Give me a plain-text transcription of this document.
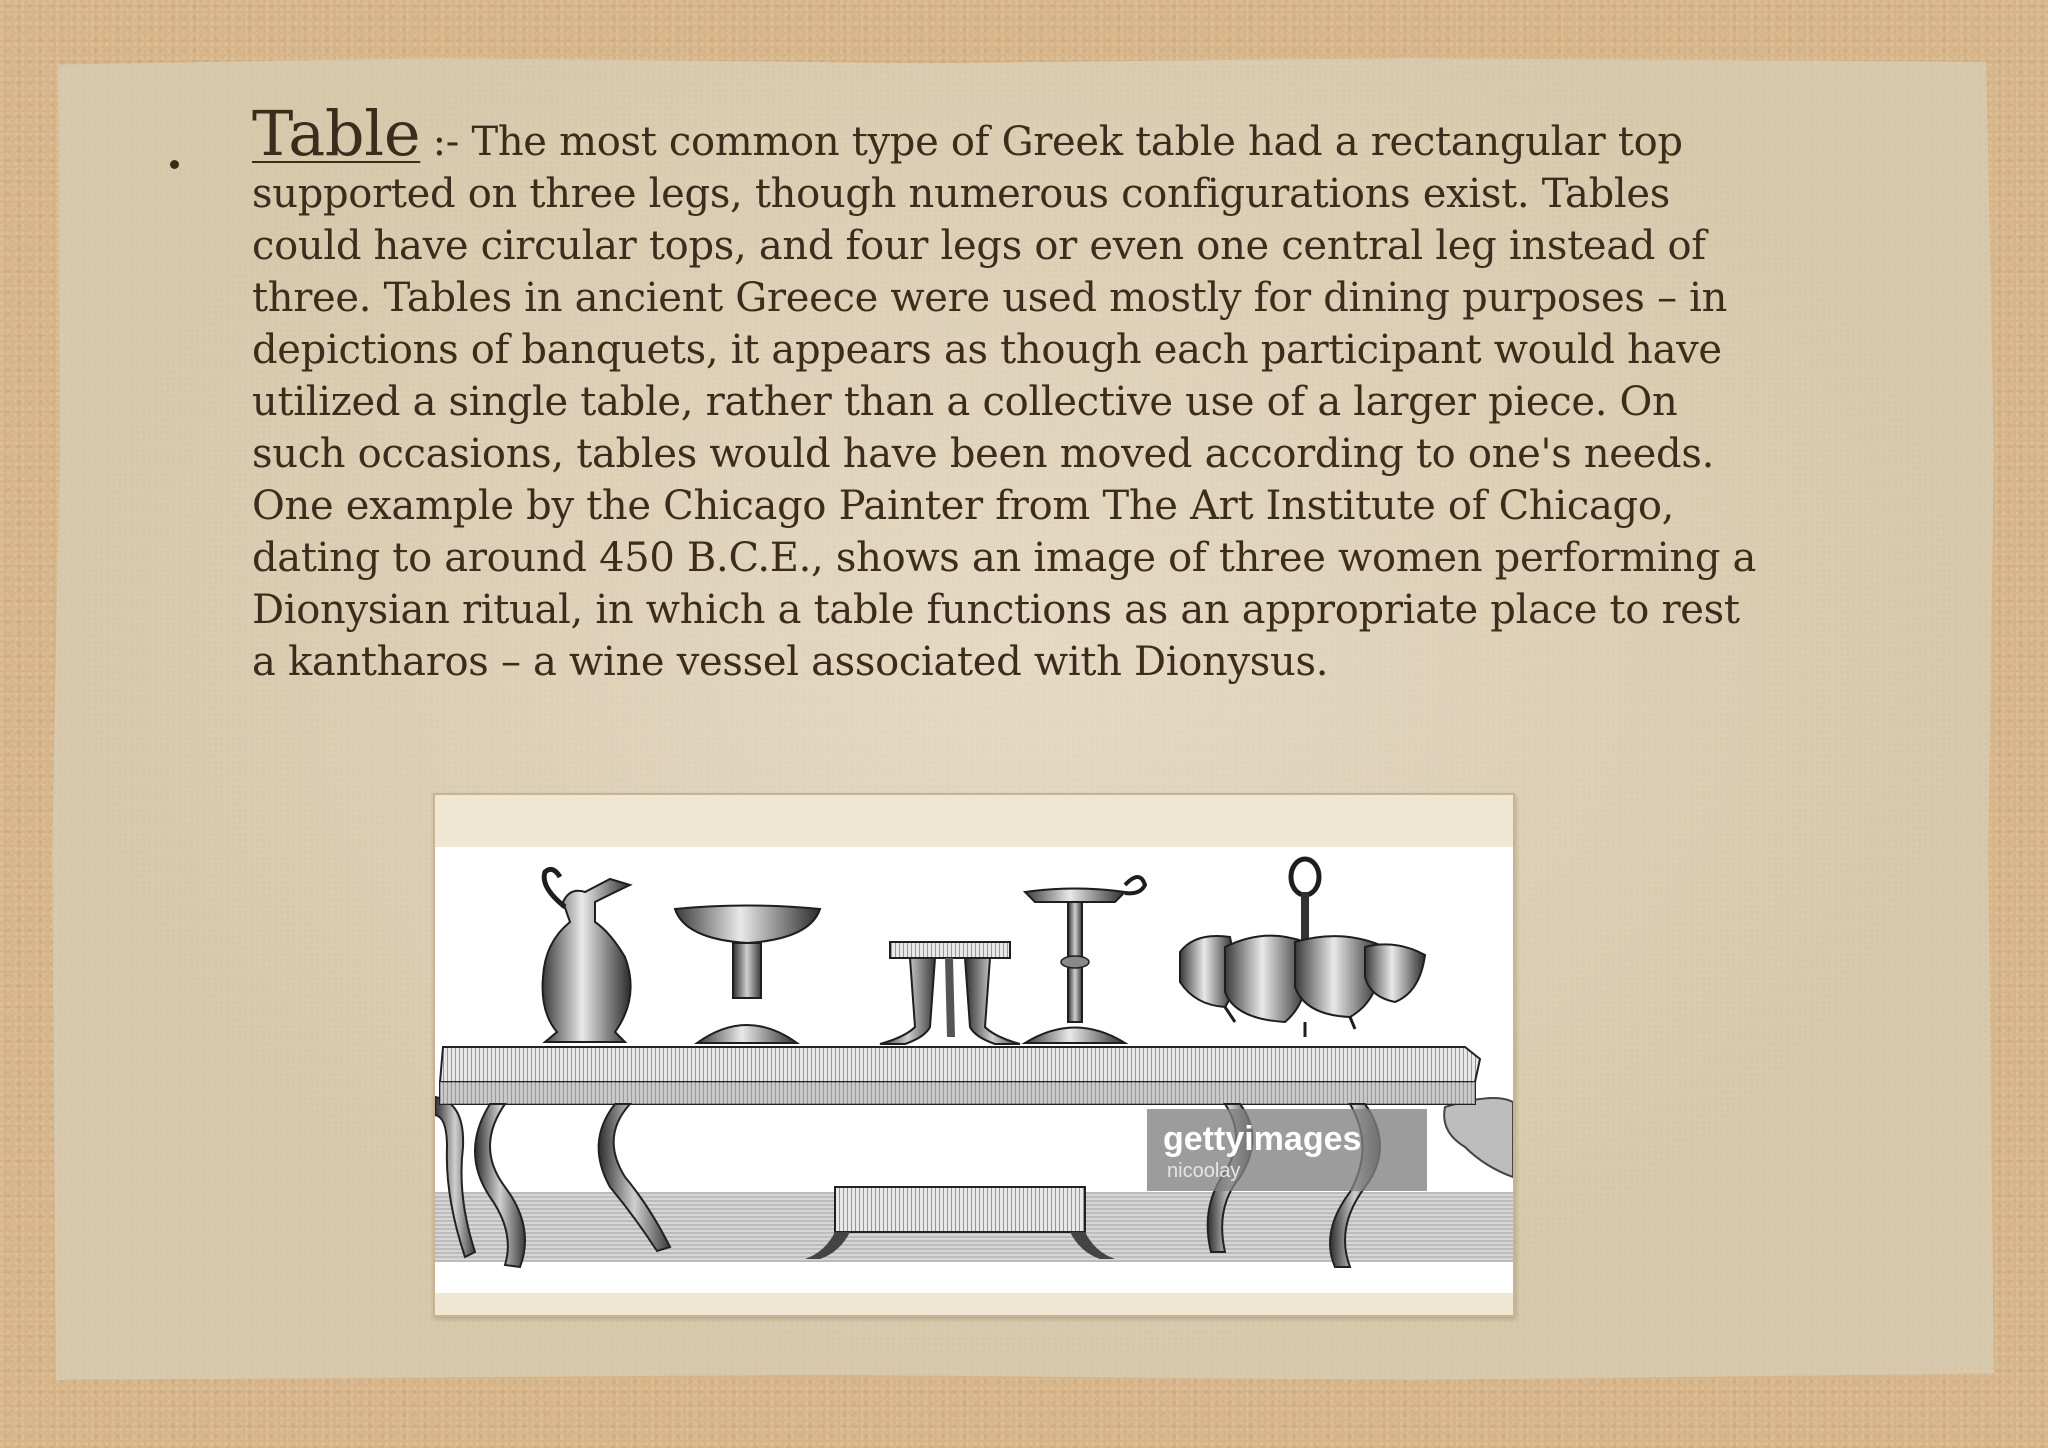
Table :- The most common type of Greek table had a rectangular top supported on three legs, though numerous configurations exist. Tables could have circular tops, and four legs or even one central leg instead of three. Tables in ancient Greece were used mostly for dining purposes – in depictions of banquets, it appears as though each participant would have utilized a single table, rather than a collective use of a larger piece. On such occasions, tables would have been moved according to one's needs. One example by the Chicago Painter from The Art Institute of Chicago, dating to around 450 B.C.E., shows an image of three women performing a Dionysian ritual, in which a table functions as an appropriate place to rest a kantharos – a wine vessel associated with Dionysus.

gettyimages
nicoolay
